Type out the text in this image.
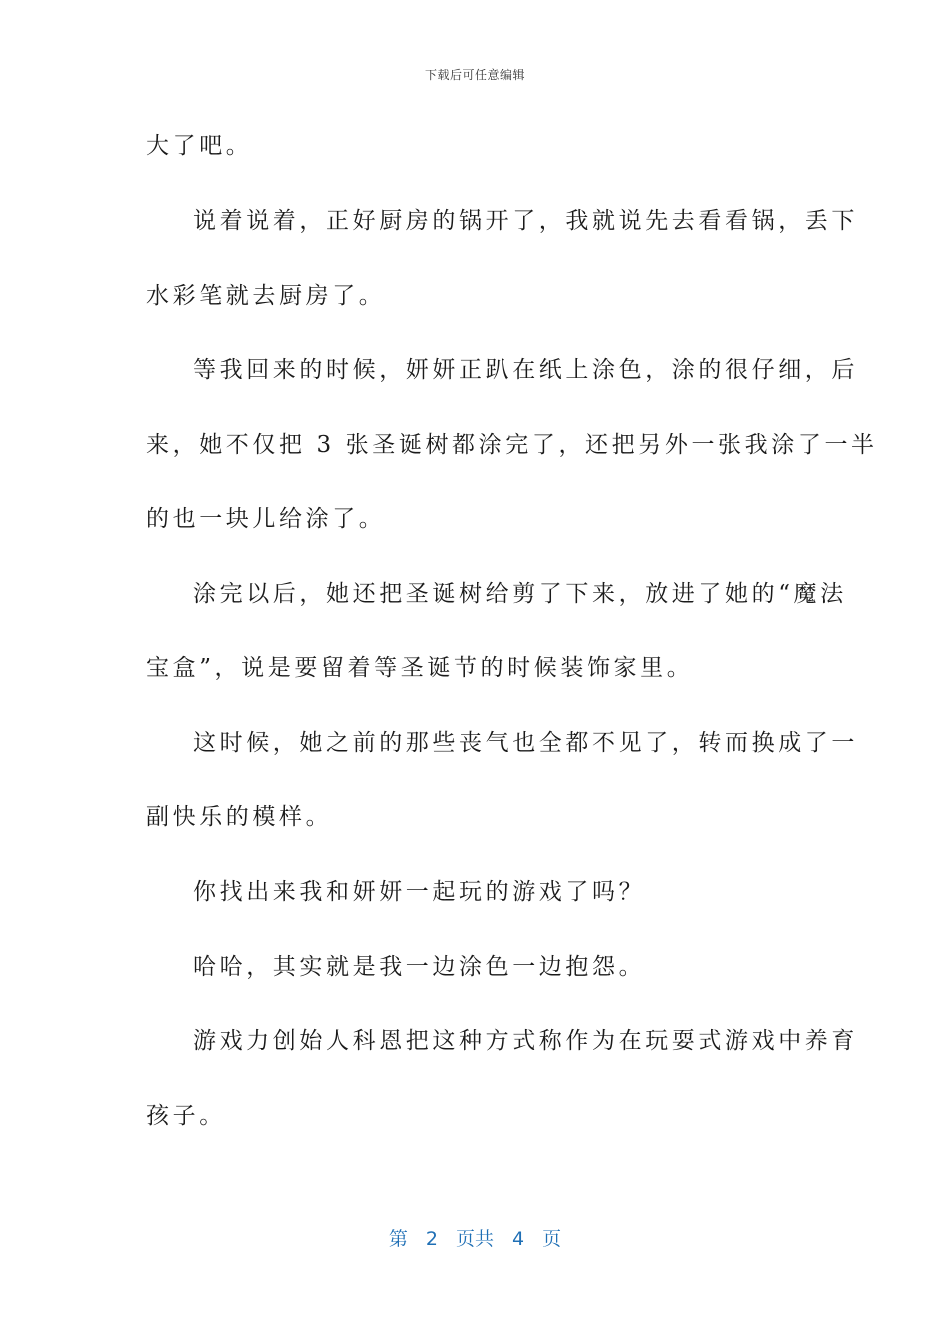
下载后可任意编辑
大了吧。
说着说着，正好厨房的锅开了，我就说先去看看锅，丢下
水彩笔就去厨房了。
等我回来的时候，妍妍正趴在纸上涂色，涂的很仔细，后
来，她不仅把 3 张圣诞树都涂完了，还把另外一张我涂了一半
的也一块儿给涂了。
涂完以后，她还把圣诞树给剪了下来，放进了她的“魔法
宝盒”，说是要留着等圣诞节的时候装饰家里。
这时候，她之前的那些丧气也全都不见了，转而换成了一
副快乐的模样。
你找出来我和妍妍一起玩的游戏了吗？
哈哈，其实就是我一边涂色一边抱怨。
游戏力创始人科恩把这种方式称作为在玩耍式游戏中养育
孩子。
第 2 页共 4 页
